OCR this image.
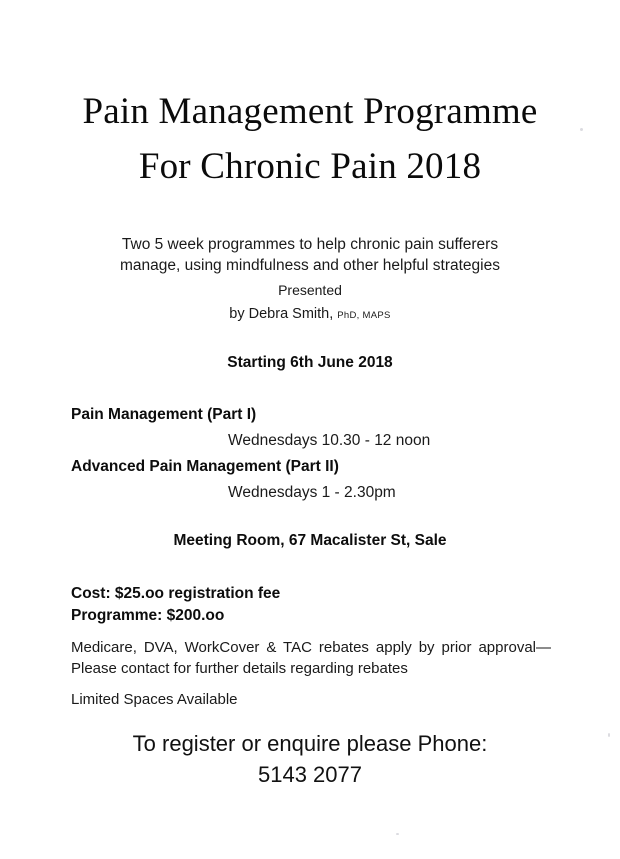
Pain Management Programme
For Chronic Pain 2018
Two 5 week programmes to help chronic pain sufferers
manage, using mindfulness and other helpful strategies
Presented
by Debra Smith, PhD, MAPS
Starting 6th June 2018
Pain Management (Part I)
Wednesdays 10.30 - 12 noon
Advanced Pain Management (Part II)
Wednesdays 1 - 2.30pm
Meeting Room, 67 Macalister St, Sale
Cost: $25.oo registration fee
Programme: $200.oo
Medicare, DVA, WorkCover & TAC rebates apply by prior approval—Please contact for further details regarding rebates
Limited Spaces Available
To register or enquire please Phone:
5143 2077
